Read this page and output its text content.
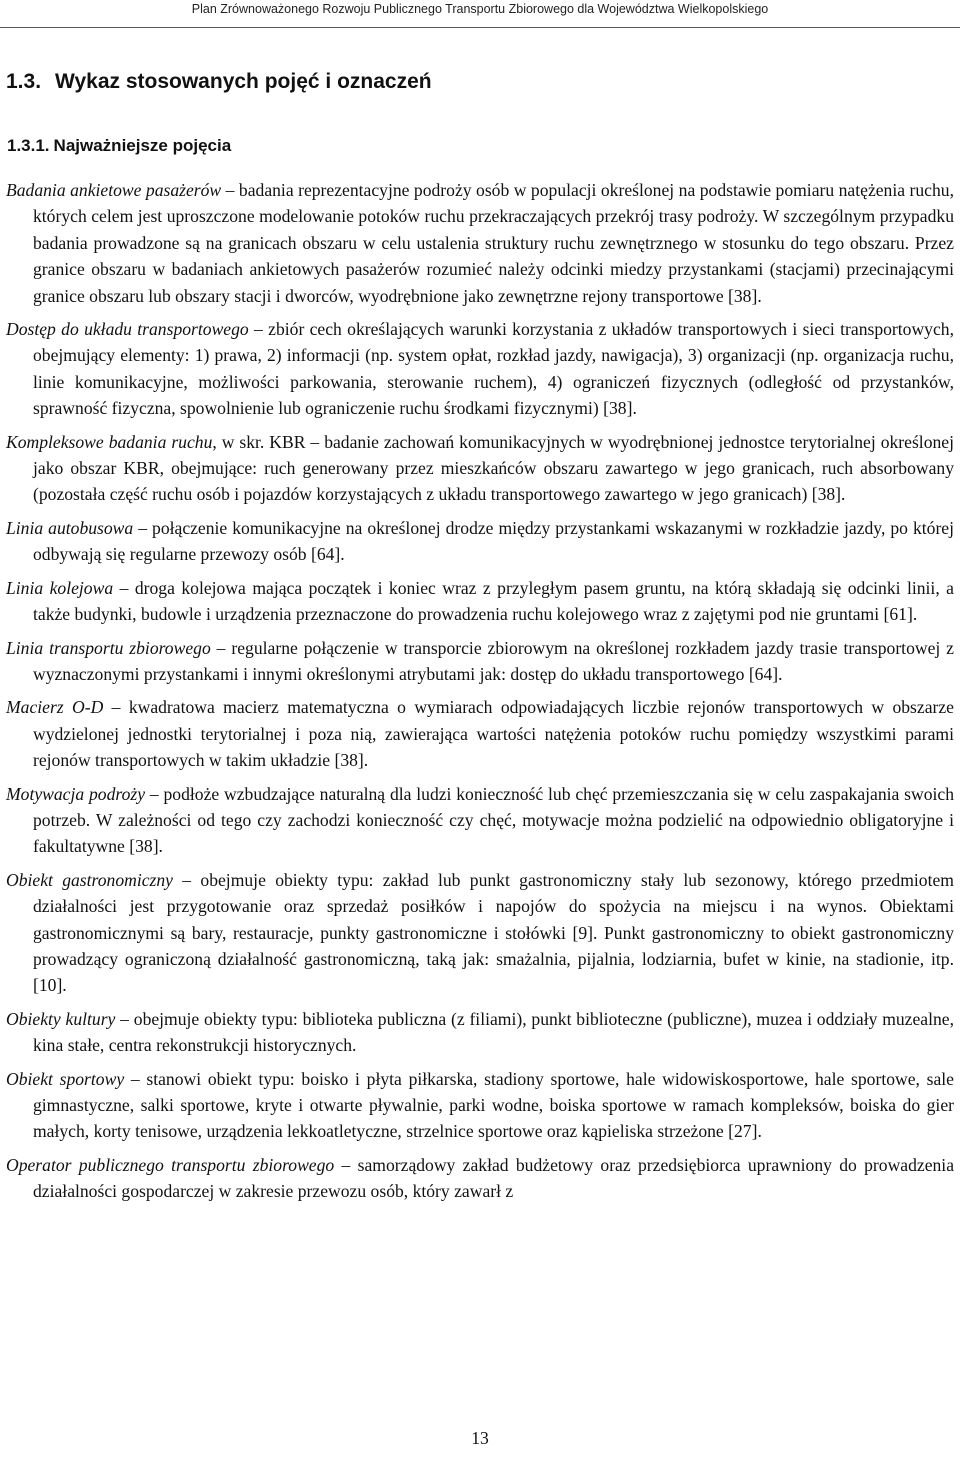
Plan Zrównoważonego Rozwoju Publicznego Transportu Zbiorowego dla Województwa Wielkopolskiego
1.3. Wykaz stosowanych pojęć i oznaczeń
1.3.1. Najważniejsze pojęcia

Badania ankietowe pasażerów – badania reprezentacyjne podroży osób w populacji określonej na podstawie pomiaru natężenia ruchu, których celem jest uproszczone modelowanie potoków ruchu przekraczających przekrój trasy podroży. W szczególnym przypadku badania prowadzone są na granicach obszaru w celu ustalenia struktury ruchu zewnętrznego w stosunku do tego obszaru. Przez granice obszaru w badaniach ankietowych pasażerów rozumieć należy odcinki miedzy przystankami (stacjami) przecinającymi granice obszaru lub obszary stacji i dworców, wyodrębnione jako zewnętrzne rejony transportowe [38].

Dostęp do układu transportowego – zbiór cech określających warunki korzystania z układów transportowych i sieci transportowych, obejmujący elementy: 1) prawa, 2) informacji (np. system opłat, rozkład jazdy, nawigacja), 3) organizacji (np. organizacja ruchu, linie komunikacyjne, możliwości parkowania, sterowanie ruchem), 4) ograniczeń fizycznych (odległość od przystanków, sprawność fizyczna, spowolnienie lub ograniczenie ruchu środkami fizycznymi) [38].

Kompleksowe badania ruchu, w skr. KBR – badanie zachowań komunikacyjnych w wyodrębnionej jednostce terytorialnej określonej jako obszar KBR, obejmujące: ruch generowany przez mieszkańców obszaru zawartego w jego granicach, ruch absorbowany (pozostała część ruchu osób i pojazdów korzystających z układu transportowego zawartego w jego granicach) [38].

Linia autobusowa – połączenie komunikacyjne na określonej drodze między przystankami wskazanymi w rozkładzie jazdy, po której odbywają się regularne przewozy osób [64].

Linia kolejowa – droga kolejowa mająca początek i koniec wraz z przyległym pasem gruntu, na którą składają się odcinki linii, a także budynki, budowle i urządzenia przeznaczone do prowadzenia ruchu kolejowego wraz z zajętymi pod nie gruntami [61].

Linia transportu zbiorowego – regularne połączenie w transporcie zbiorowym na określonej rozkładem jazdy trasie transportowej z wyznaczonymi przystankami i innymi określonymi atrybutami jak: dostęp do układu transportowego [64].

Macierz O-D – kwadratowa macierz matematyczna o wymiarach odpowiadających liczbie rejonów transportowych w obszarze wydzielonej jednostki terytorialnej i poza nią, zawierająca wartości natężenia potoków ruchu pomiędzy wszystkimi parami rejonów transportowych w takim układzie [38].

Motywacja podroży – podłoże wzbudzające naturalną dla ludzi konieczność lub chęć przemieszczania się w celu zaspakajania swoich potrzeb. W zależności od tego czy zachodzi konieczność czy chęć, motywacje można podzielić na odpowiednio obligatoryjne i fakultatywne [38].

Obiekt gastronomiczny – obejmuje obiekty typu: zakład lub punkt gastronomiczny stały lub sezonowy, którego przedmiotem działalności jest przygotowanie oraz sprzedaż posiłków i napojów do spożycia na miejscu i na wynos. Obiektami gastronomicznymi są bary, restauracje, punkty gastronomiczne i stołówki [9]. Punkt gastronomiczny to obiekt gastronomiczny prowadzący ograniczoną działalność gastronomiczną, taką jak: smażalnia, pijalnia, lodziarnia, bufet w kinie, na stadionie, itp. [10].

Obiekty kultury – obejmuje obiekty typu: biblioteka publiczna (z filiami), punkt biblioteczne (publiczne), muzea i oddziały muzealne, kina stałe, centra rekonstrukcji historycznych.

Obiekt sportowy – stanowi obiekt typu: boisko i płyta piłkarska, stadiony sportowe, hale widowiskosportowe, hale sportowe, sale gimnastyczne, salki sportowe, kryte i otwarte pływalnie, parki wodne, boiska sportowe w ramach kompleksów, boiska do gier małych, korty tenisowe, urządzenia lekkoatletyczne, strzelnice sportowe oraz kąpieliska strzeżone [27].

Operator publicznego transportu zbiorowego – samorządowy zakład budżetowy oraz przedsiębiorca uprawniony do prowadzenia działalności gospodarczej w zakresie przewozu osób, który zawarł z

13
